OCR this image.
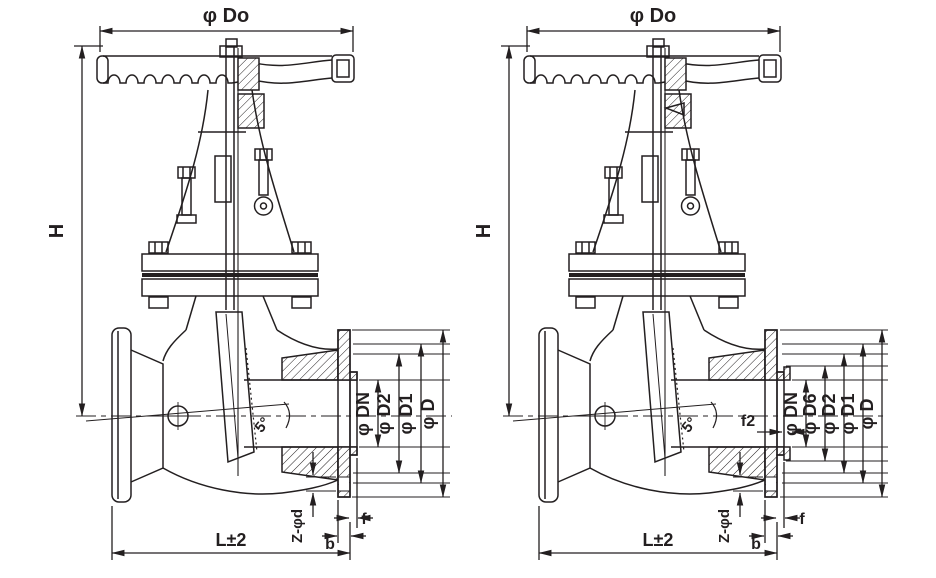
φ Do
H
φ DN φ D2 φ D1 φ D
L±2	b
f
Z-φd
5°
φ Do
H
φ DN φ D6 φ D2 φ D1 φ D
L±2	b
f
f2
Z-φd
5°
